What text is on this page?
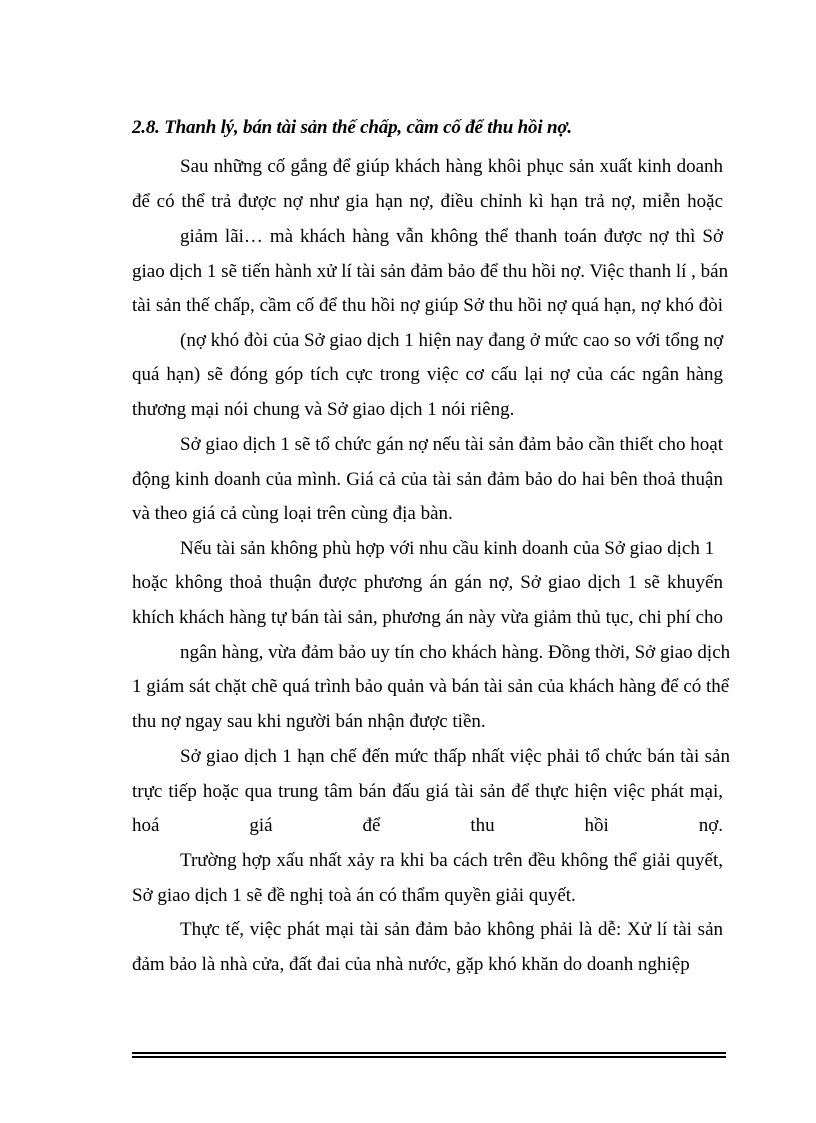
2.8. Thanh lý, bán tài sản thế chấp, cầm cố để thu hồi nợ.
Sau những cố gắng để giúp khách hàng khôi phục sản xuất kinh doanh
để có thể trả được nợ như gia hạn nợ, điều chỉnh kì hạn trả nợ, miễn hoặc
giảm lãi… mà khách hàng vẫn không thể thanh toán được nợ thì Sở
giao dịch 1 sẽ tiến hành xử lí tài sản đảm bảo để thu hồi nợ. Việc thanh lí , bán
tài sản thế chấp, cầm cố để thu hồi nợ giúp Sở thu hồi nợ quá hạn, nợ khó đòi
(nợ khó đòi của Sở giao dịch 1 hiện nay đang ở mức cao so với tổng nợ
quá hạn) sẽ đóng góp tích cực trong việc cơ cấu lại nợ của các ngân hàng
thương mại nói chung và Sở giao dịch 1 nói riêng.
Sở giao dịch 1 sẽ tổ chức gán nợ nếu tài sản đảm bảo cần thiết cho hoạt
động kinh doanh của mình. Giá cả của tài sản đảm bảo do hai bên thoả thuận
và theo giá cả cùng loại trên cùng địa bàn.
Nếu tài sản không phù hợp với nhu cầu kinh doanh của Sở giao dịch 1
hoặc không thoả thuận được phương án gán nợ, Sở giao dịch 1 sẽ khuyến
khích khách hàng tự bán tài sản, phương án này vừa giảm thủ tục, chi phí cho
ngân hàng, vừa đảm bảo uy tín cho khách hàng. Đồng thời, Sở giao dịch
1 giám sát chặt chẽ quá trình bảo quản và bán tài sản của khách hàng để có thể
thu nợ ngay sau khi người bán nhận được tiền.
Sở giao dịch 1 hạn chế đến mức thấp nhất việc phải tổ chức bán tài sản
trực tiếp hoặc qua trung tâm bán đấu giá tài sản để thực hiện việc phát mại,
Trường hợp xấu nhất xảy ra khi ba cách trên đều không thể giải quyết,
Sở giao dịch 1 sẽ đề nghị toà án có thẩm quyền giải quyết.
Thực tế, việc phát mại tài sản đảm bảo không phải là dễ: Xử lí tài sản
đảm bảo là nhà cửa, đất đai của nhà nước, gặp khó khăn do doanh nghiệp
hoá	giá	để	thu	hồi	nợ.
